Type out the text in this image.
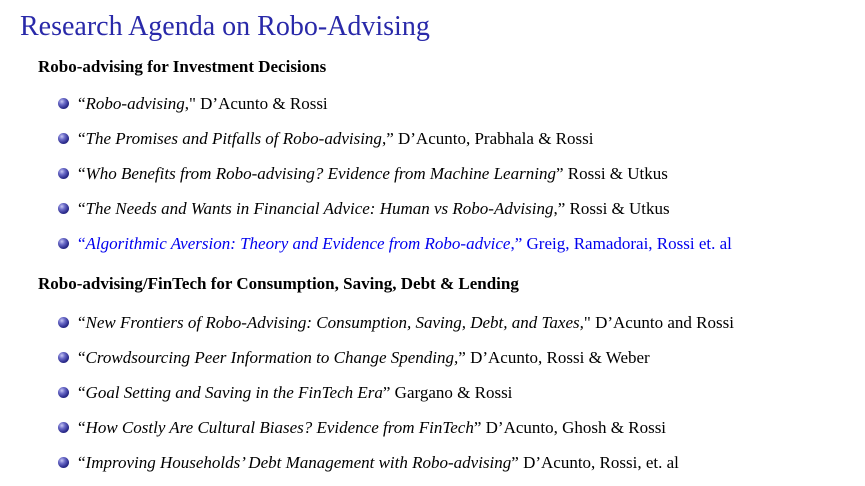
Research Agenda on Robo-Advising
Robo-advising for Investment Decisions
“Robo-advising," D’Acunto & Rossi
“The Promises and Pitfalls of Robo-advising,” D’Acunto, Prabhala & Rossi
“Who Benefits from Robo-advising? Evidence from Machine Learning” Rossi & Utkus
“The Needs and Wants in Financial Advice: Human vs Robo-Advising,” Rossi & Utkus
“Algorithmic Aversion: Theory and Evidence from Robo-advice,” Greig, Ramadorai, Rossi et. al
Robo-advising/FinTech for Consumption, Saving, Debt & Lending
“New Frontiers of Robo-Advising: Consumption, Saving, Debt, and Taxes," D’Acunto and Rossi
“Crowdsourcing Peer Information to Change Spending,” D’Acunto, Rossi & Weber
“Goal Setting and Saving in the FinTech Era” Gargano & Rossi
“How Costly Are Cultural Biases? Evidence from FinTech” D’Acunto, Ghosh & Rossi
“Improving Households’ Debt Management with Robo-advising” D’Acunto, Rossi, et. al
